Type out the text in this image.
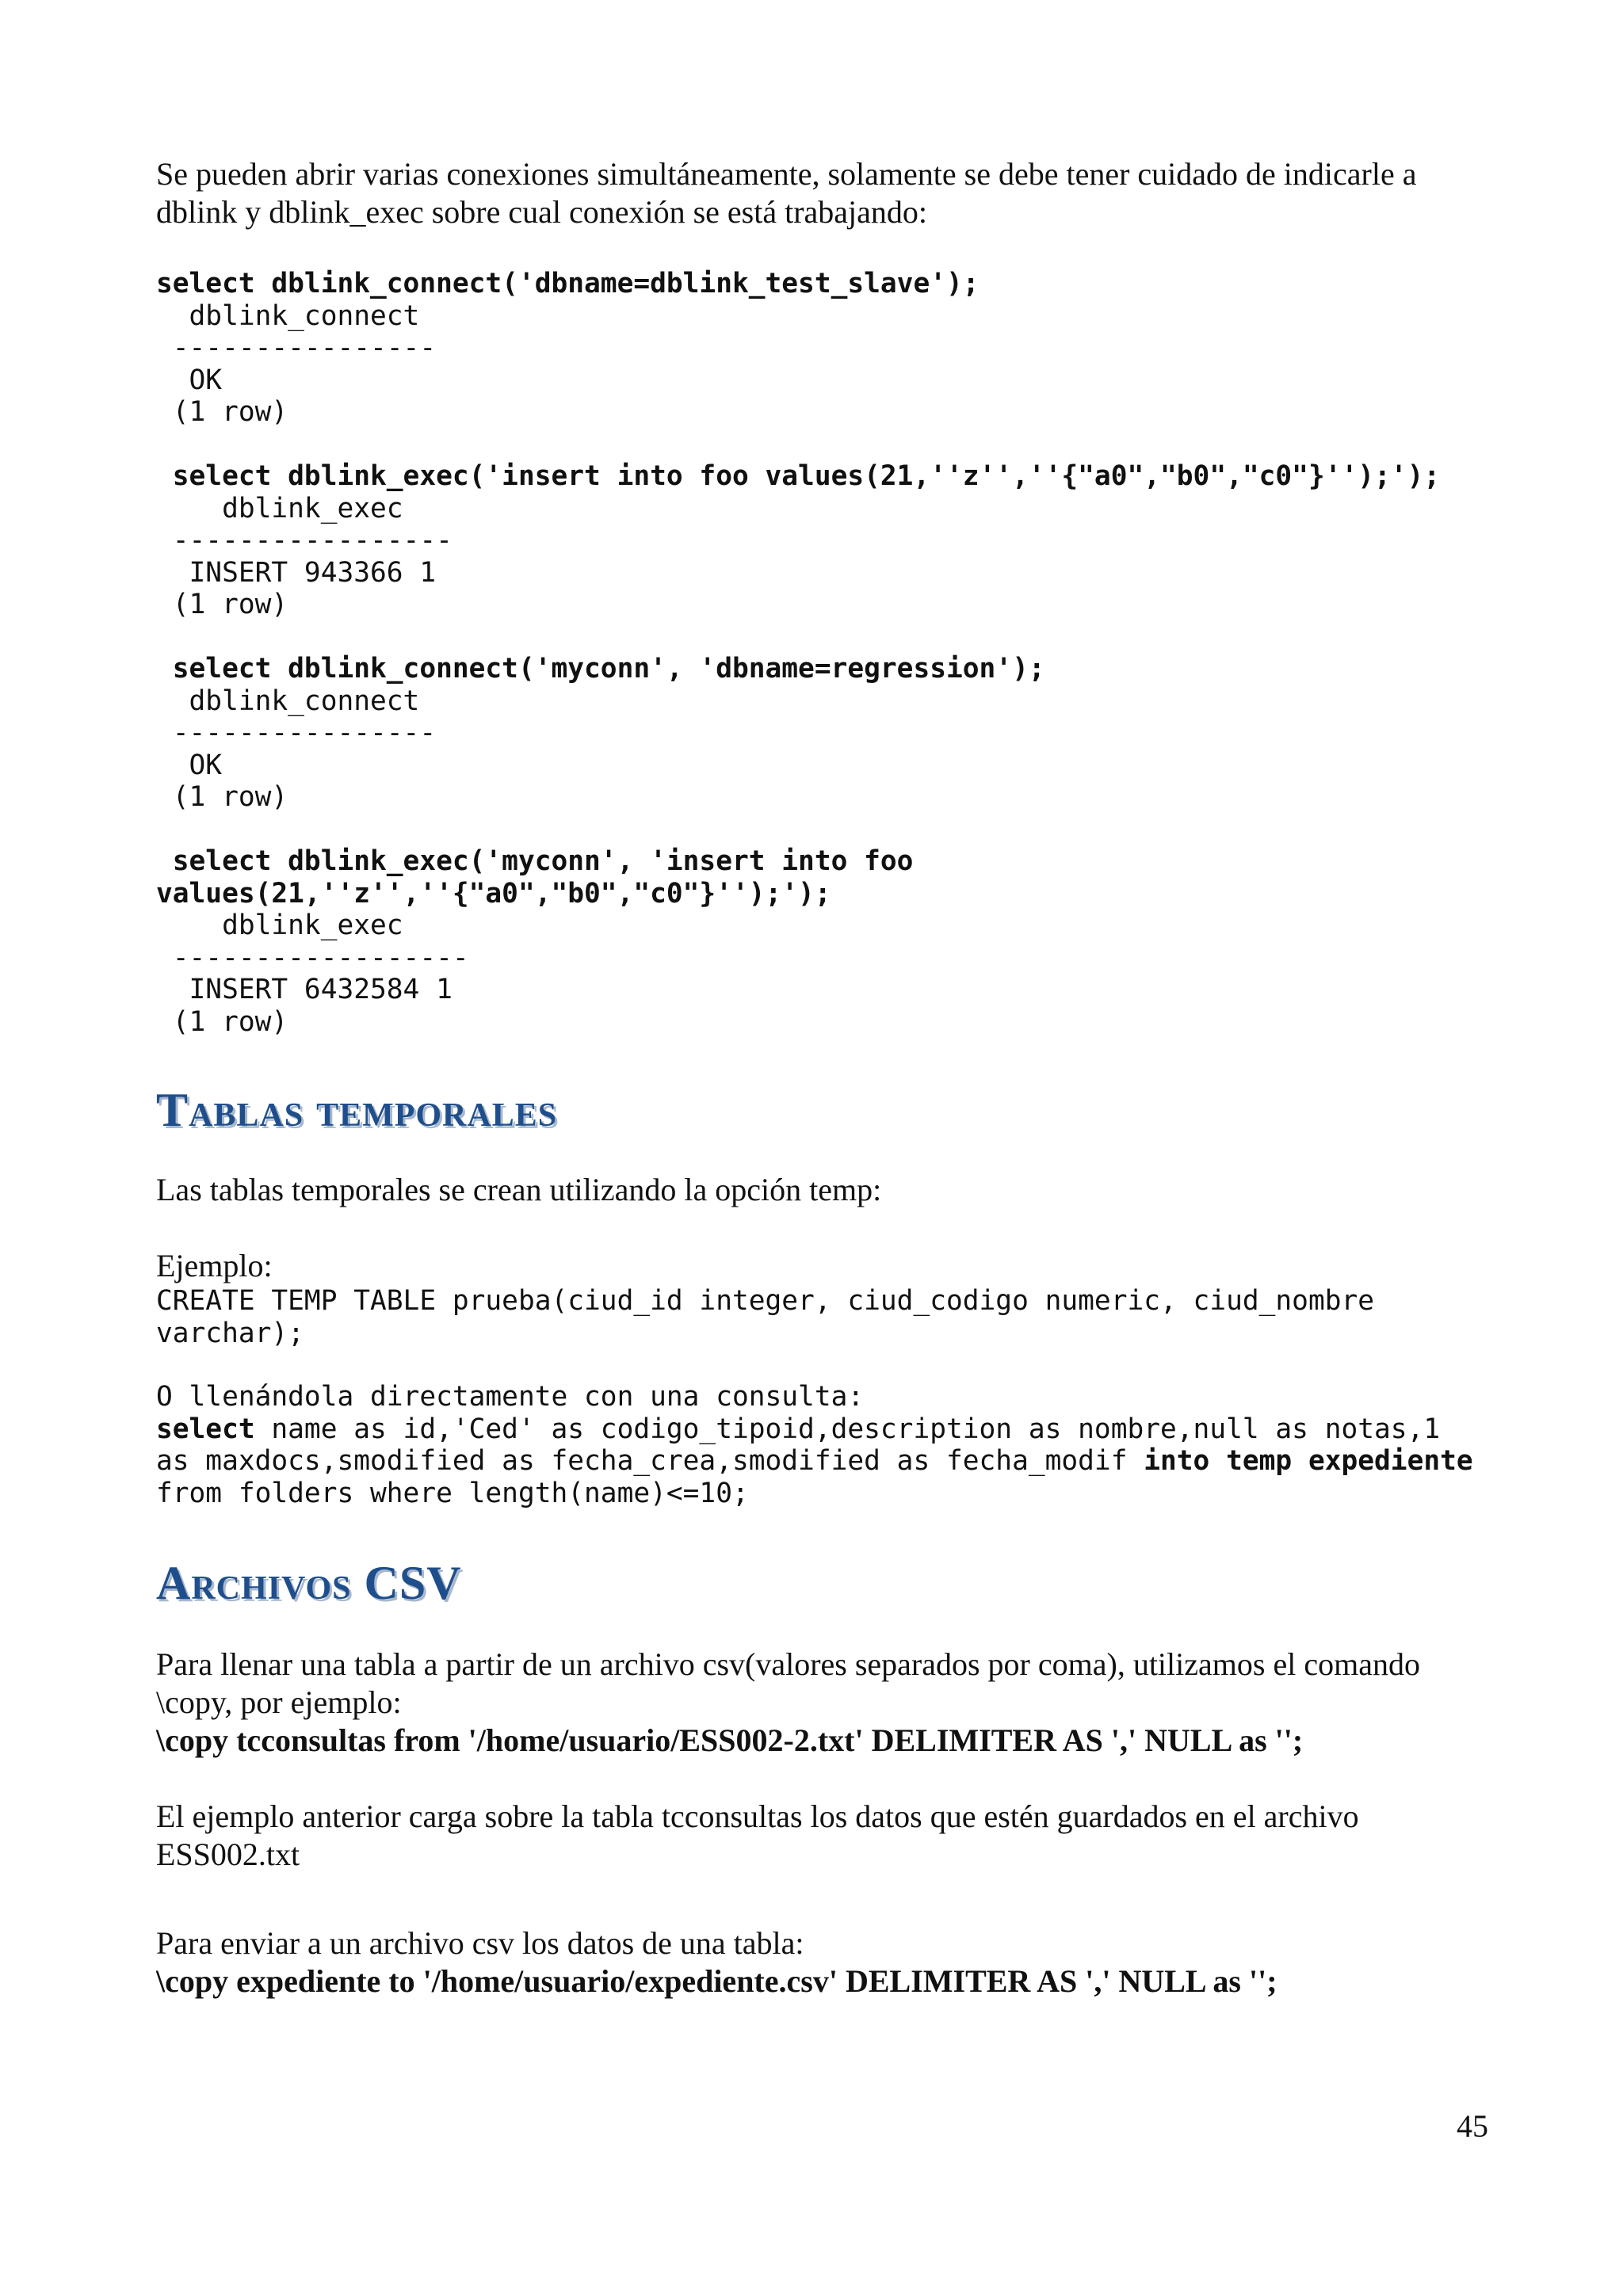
Se pueden abrir varias conexiones simultáneamente, solamente se debe tener cuidado de indicarle a
dblink y dblink_exec sobre cual conexión se está trabajando:

select dblink_connect('dbname=dblink_test_slave');
dblink_connect
----------------
OK
(1 row)
select dblink_exec('insert into foo values(21,''z'',''{"a0","b0","c0"}'');');
dblink_exec
-----------------
INSERT 943366 1
(1 row)
select dblink_connect('myconn', 'dbname=regression');
dblink_connect
----------------
OK
(1 row)
select dblink_exec('myconn', 'insert into foo
values(21,''z'',''{"a0","b0","c0"}'');');
dblink_exec
------------------
INSERT 6432584 1
(1 row)
Tablas temporales

Las tablas temporales se crean utilizando la opción temp:

Ejemplo:

CREATE TEMP TABLE prueba(ciud_id integer, ciud_codigo numeric, ciud_nombre
varchar);
O llenándola directamente con una consulta:
select name as id,'Ced' as codigo_tipoid,description as nombre,null as notas,1
as maxdocs,smodified as fecha_crea,smodified as fecha_modif into temp expediente
from folders where length(name)<=10;
Archivos CSV

Para llenar una tabla a partir de un archivo csv(valores separados por coma), utilizamos el comando
\copy, por ejemplo:
\copy tcconsultas from '/home/usuario/ESS002-2.txt' DELIMITER AS ',' NULL as '';

El ejemplo anterior carga sobre la tabla tcconsultas los datos que estén guardados en el archivo
ESS002.txt

Para enviar a un archivo csv los datos de una tabla:
\copy expediente to '/home/usuario/expediente.csv' DELIMITER AS ',' NULL as '';

45
